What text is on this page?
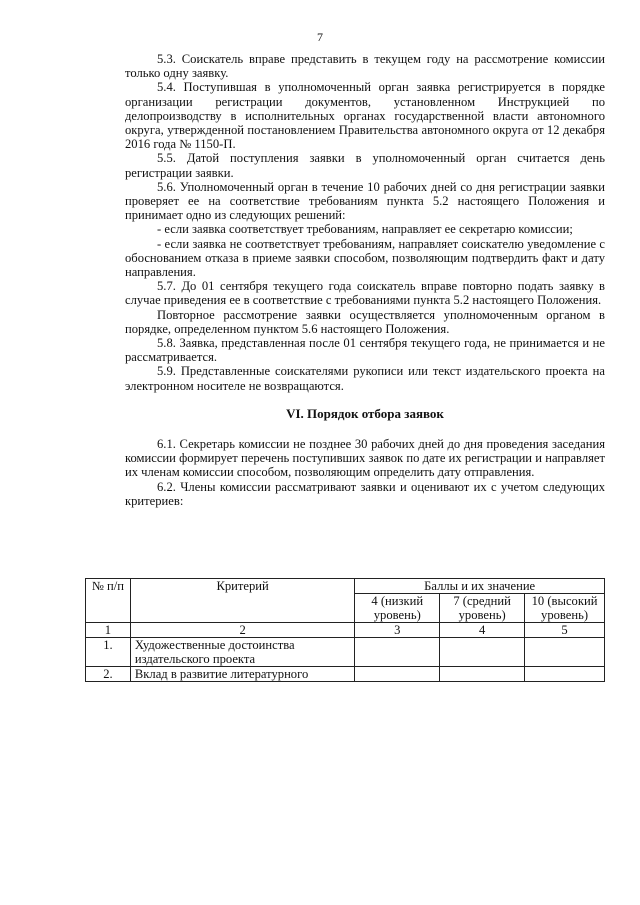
7

5.3. Соискатель вправе представить в текущем году на рассмотрение комиссии только одну заявку.

5.4. Поступившая в уполномоченный орган заявка регистрируется в порядке организации регистрации документов, установленном Инструкцией по делопроизводству в исполнительных органах государственной власти автономного округа, утвержденной постановлением Правительства автономного округа от 12 декабря 2016 года № 1150-П.

5.5. Датой поступления заявки в уполномоченный орган считается день регистрации заявки.

5.6. Уполномоченный орган в течение 10 рабочих дней со дня регистрации заявки проверяет ее на соответствие требованиям пункта 5.2 настоящего Положения и принимает одно из следующих решений:

- если заявка соответствует требованиям, направляет ее секретарю комиссии;

- если заявка не соответствует требованиям, направляет соискателю уведомление с обоснованием отказа в приеме заявки способом, позволяющим подтвердить факт и дату направления.

5.7. До 01 сентября текущего года соискатель вправе повторно подать заявку в случае приведения ее в соответствие с требованиями пункта 5.2 настоящего Положения.

Повторное рассмотрение заявки осуществляется уполномоченным органом в порядке, определенном пунктом 5.6 настоящего Положения.

5.8. Заявка, представленная после 01 сентября текущего года, не принимается и не рассматривается.

5.9. Представленные соискателями рукописи или текст издательского проекта на электронном носителе не возвращаются.

VI. Порядок отбора заявок

6.1. Секретарь комиссии не позднее 30 рабочих дней до дня проведения заседания комиссии формирует перечень поступивших заявок по дате их регистрации и направляет их членам комиссии способом, позволяющим определить дату отправления.

6.2. Члены комиссии рассматривают заявки и оценивают их с учетом следующих критериев:

№ п/п	Критерий	Баллы и их значение		
		4 (низкий уровень)	7 (средний уровень)	10 (высокий уровень)
1	2	3	4	5
1.	Художественные достоинства издательского проекта			
2.	Вклад в развитие литературного			
